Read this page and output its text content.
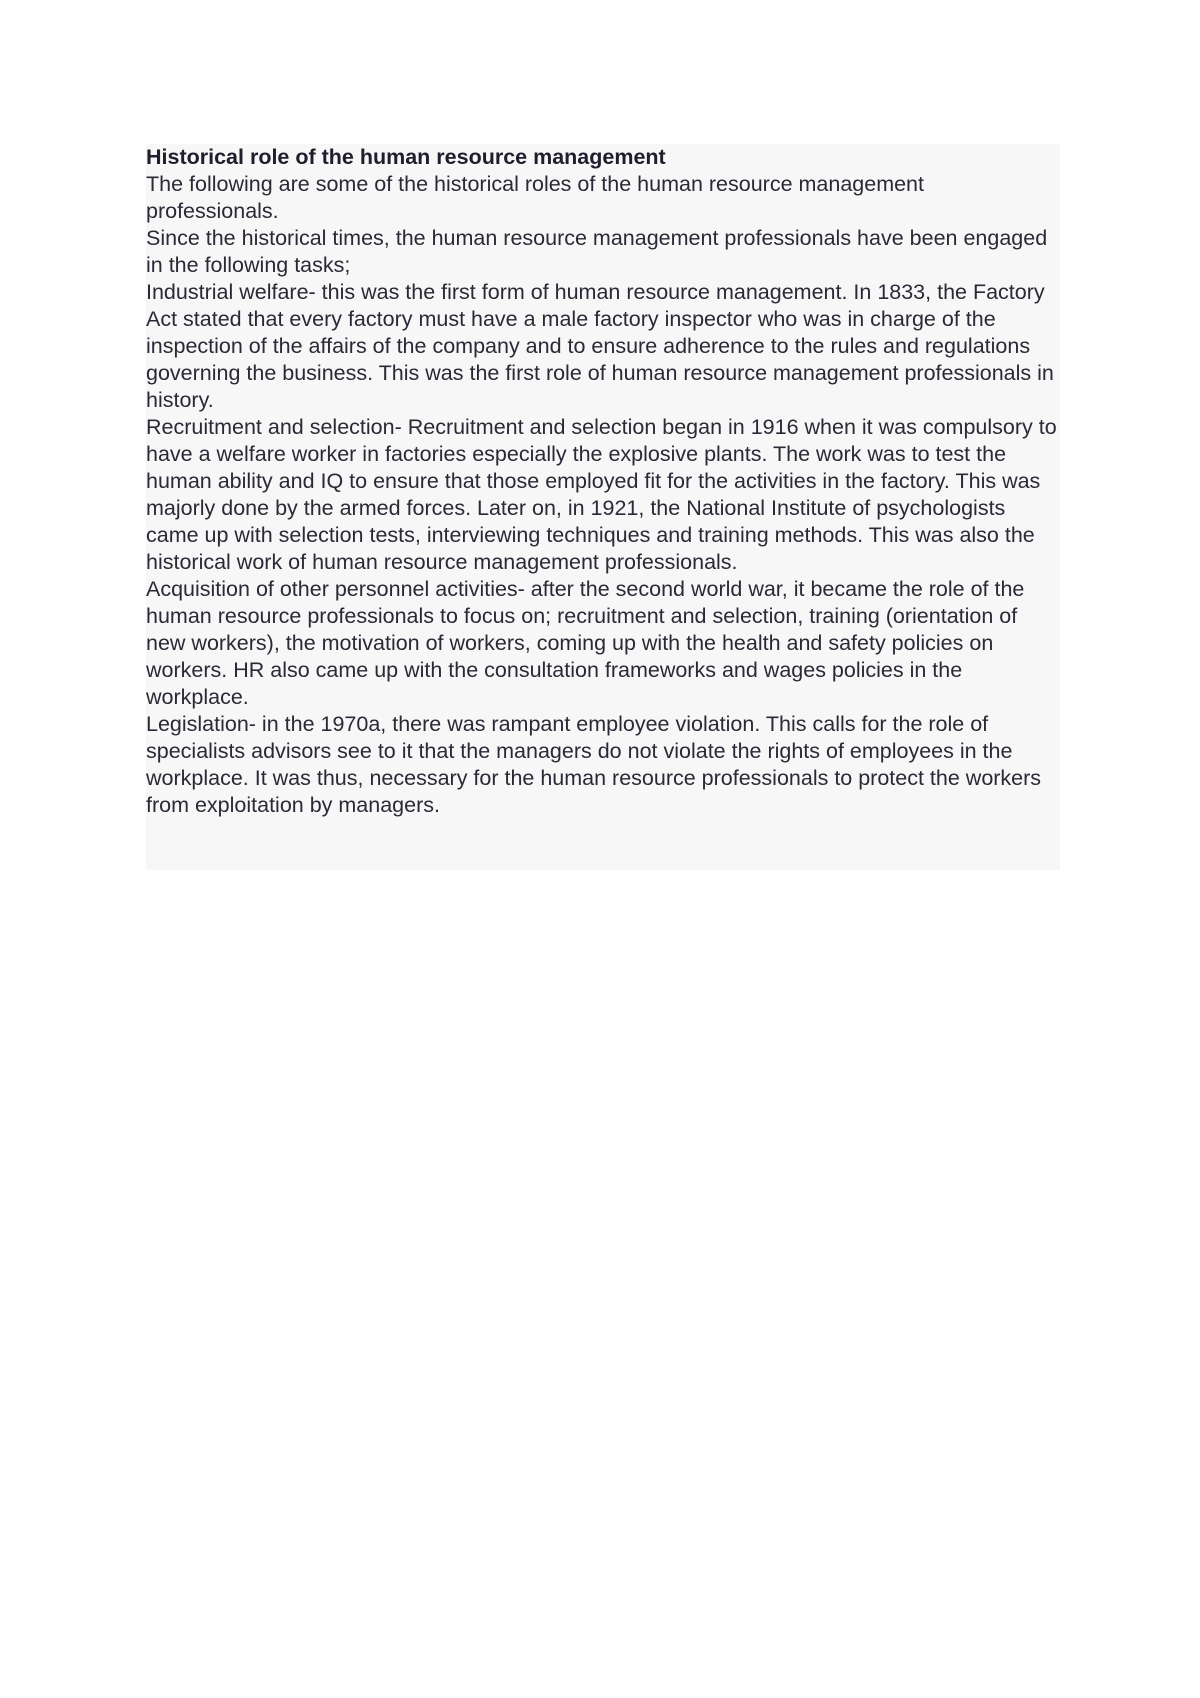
Historical role of the human resource management

The following are some of the historical roles of the human resource management professionals.

Since the historical times, the human resource management professionals have been engaged in the following tasks;

Industrial welfare- this was the first form of human resource management. In 1833, the Factory Act stated that every factory must have a male factory inspector who was in charge of the inspection of the affairs of the company and to ensure adherence to the rules and regulations governing the business. This was the first role of human resource management professionals in history.

Recruitment and selection- Recruitment and selection began in 1916 when it was compulsory to have a welfare worker in factories especially the explosive plants. The work was to test the human ability and IQ to ensure that those employed fit for the activities in the factory. This was majorly done by the armed forces. Later on, in 1921, the National Institute of psychologists came up with selection tests, interviewing techniques and training methods. This was also the historical work of human resource management professionals.

Acquisition of other personnel activities- after the second world war, it became the role of the human resource professionals to focus on; recruitment and selection, training (orientation of new workers), the motivation of workers, coming up with the health and safety policies on workers. HR also came up with the consultation frameworks and wages policies in the workplace.

Legislation- in the 1970a, there was rampant employee violation. This calls for the role of specialists advisors see to it that the managers do not violate the rights of employees in the workplace. It was thus, necessary for the human resource professionals to protect the workers from exploitation by managers.
